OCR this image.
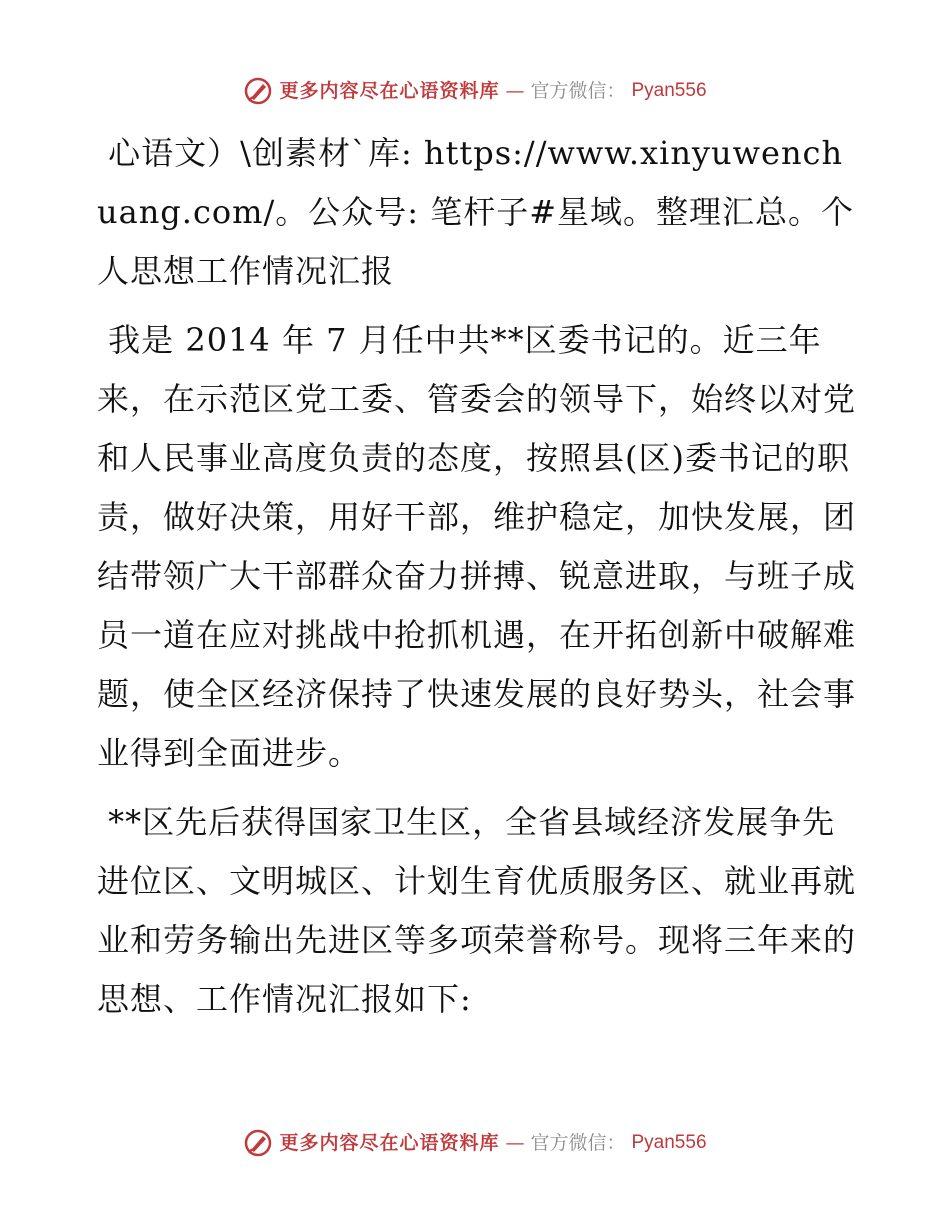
更多内容尽在心语资料库 — 官方微信： Pyan556

心语文）\创素材`库: https://www.xinyuwenchuang.com/。公众号: 笔杆子#星域。整理汇总。个人思想工作情况汇报

我是 2014 年 7 月任中共**区委书记的。近三年来，在示范区党工委、管委会的领导下，始终以对党和人民事业高度负责的态度，按照县(区)委书记的职责，做好决策，用好干部，维护稳定，加快发展，团结带领广大干部群众奋力拼搏、锐意进取，与班子成员一道在应对挑战中抢抓机遇，在开拓创新中破解难题，使全区经济保持了快速发展的良好势头，社会事业得到全面进步。

**区先后获得国家卫生区，全省县域经济发展争先进位区、文明城区、计划生育优质服务区、就业再就业和劳务输出先进区等多项荣誉称号。现将三年来的思想、工作情况汇报如下:

更多内容尽在心语资料库 — 官方微信： Pyan556
